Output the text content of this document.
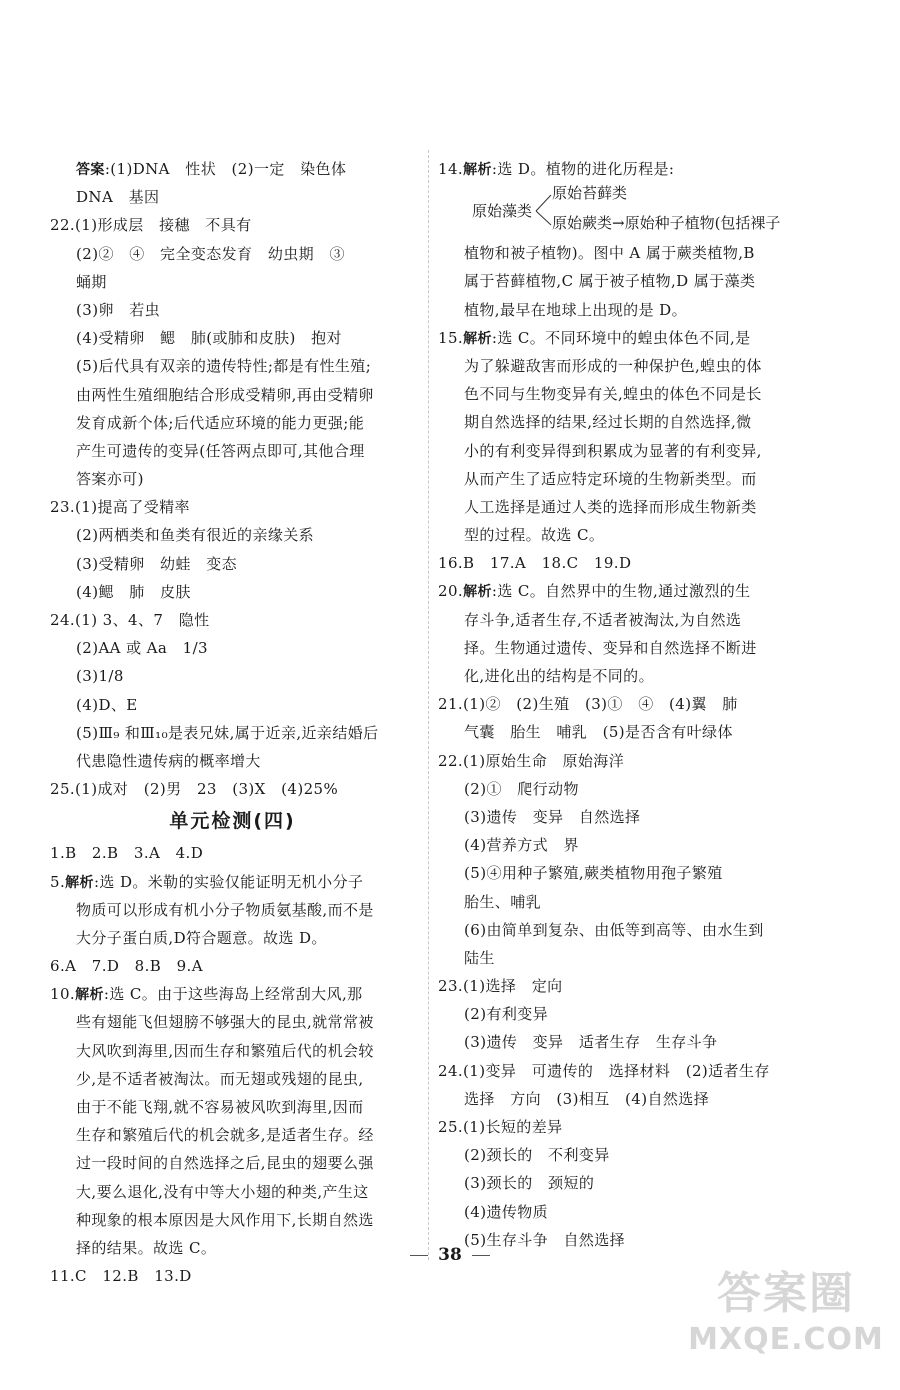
答案:(1)DNA　性状　(2)一定　染色体
DNA　基因
22.(1)形成层　接穗　不具有
(2)②　④　完全变态发育　幼虫期　③
蛹期
(3)卵　若虫
(4)受精卵　鳃　肺(或肺和皮肤)　抱对
(5)后代具有双亲的遗传特性;都是有性生殖;
由两性生殖细胞结合形成受精卵,再由受精卵
发育成新个体;后代适应环境的能力更强;能
产生可遗传的变异(任答两点即可,其他合理
答案亦可)
23.(1)提高了受精率
(2)两栖类和鱼类有很近的亲缘关系
(3)受精卵　幼蛙　变态
(4)鳃　肺　皮肤
24.(1) 3、4、7　隐性
(2)AA 或 Aa　1/3
(3)1/8
(4)D、E
(5)Ⅲ₉ 和Ⅲ₁₀是表兄妹,属于近亲,近亲结婚后
代患隐性遗传病的概率增大
25.(1)成对　(2)男　23　(3)X　(4)25%
单元检测(四)
1.B　2.B　3.A　4.D
5.解析:选 D。米勒的实验仅能证明无机小分子
物质可以形成有机小分子物质氨基酸,而不是
大分子蛋白质,D符合题意。故选 D。
6.A　7.D　8.B　9.A
10.解析:选 C。由于这些海岛上经常刮大风,那
些有翅能飞但翅膀不够强大的昆虫,就常常被
大风吹到海里,因而生存和繁殖后代的机会较
少,是不适者被淘汰。而无翅或残翅的昆虫,
由于不能飞翔,就不容易被风吹到海里,因而
生存和繁殖后代的机会就多,是适者生存。经
过一段时间的自然选择之后,昆虫的翅要么强
大,要么退化,没有中等大小翅的种类,产生这
种现象的根本原因是大风作用下,长期自然选
择的结果。故选 C。
11.C　12.B　13.D
14.解析:选 D。植物的进化历程是:
原始藻类
原始苔藓类
原始蕨类→原始种子植物(包括裸子
植物和被子植物)。图中 A 属于蕨类植物,B
属于苔藓植物,C 属于被子植物,D 属于藻类
植物,最早在地球上出现的是 D。
15.解析:选 C。不同环境中的蝗虫体色不同,是
为了躲避敌害而形成的一种保护色,蝗虫的体
色不同与生物变异有关,蝗虫的体色不同是长
期自然选择的结果,经过长期的自然选择,微
小的有利变异得到积累成为显著的有利变异,
从而产生了适应特定环境的生物新类型。而
人工选择是通过人类的选择而形成生物新类
型的过程。故选 C。
16.B　17.A　18.C　19.D
20.解析:选 C。自然界中的生物,通过激烈的生
存斗争,适者生存,不适者被淘汰,为自然选
择。生物通过遗传、变异和自然选择不断进
化,进化出的结构是不同的。
21.(1)②　(2)生殖　(3)①　④　(4)翼　肺
气囊　胎生　哺乳　(5)是否含有叶绿体
22.(1)原始生命　原始海洋
(2)①　爬行动物
(3)遗传　变异　自然选择
(4)营养方式　界
(5)④用种子繁殖,蕨类植物用孢子繁殖
胎生、哺乳
(6)由简单到复杂、由低等到高等、由水生到
陆生
23.(1)选择　定向
(2)有利变异
(3)遗传　变异　适者生存　生存斗争
24.(1)变异　可遗传的　选择材料　(2)适者生存
选择　方向　(3)相互　(4)自然选择
25.(1)长短的差异
(2)颈长的　不利变异
(3)颈长的　颈短的
(4)遗传物质
(5)生存斗争　自然选择
38
答案圈
MXQE.COM
